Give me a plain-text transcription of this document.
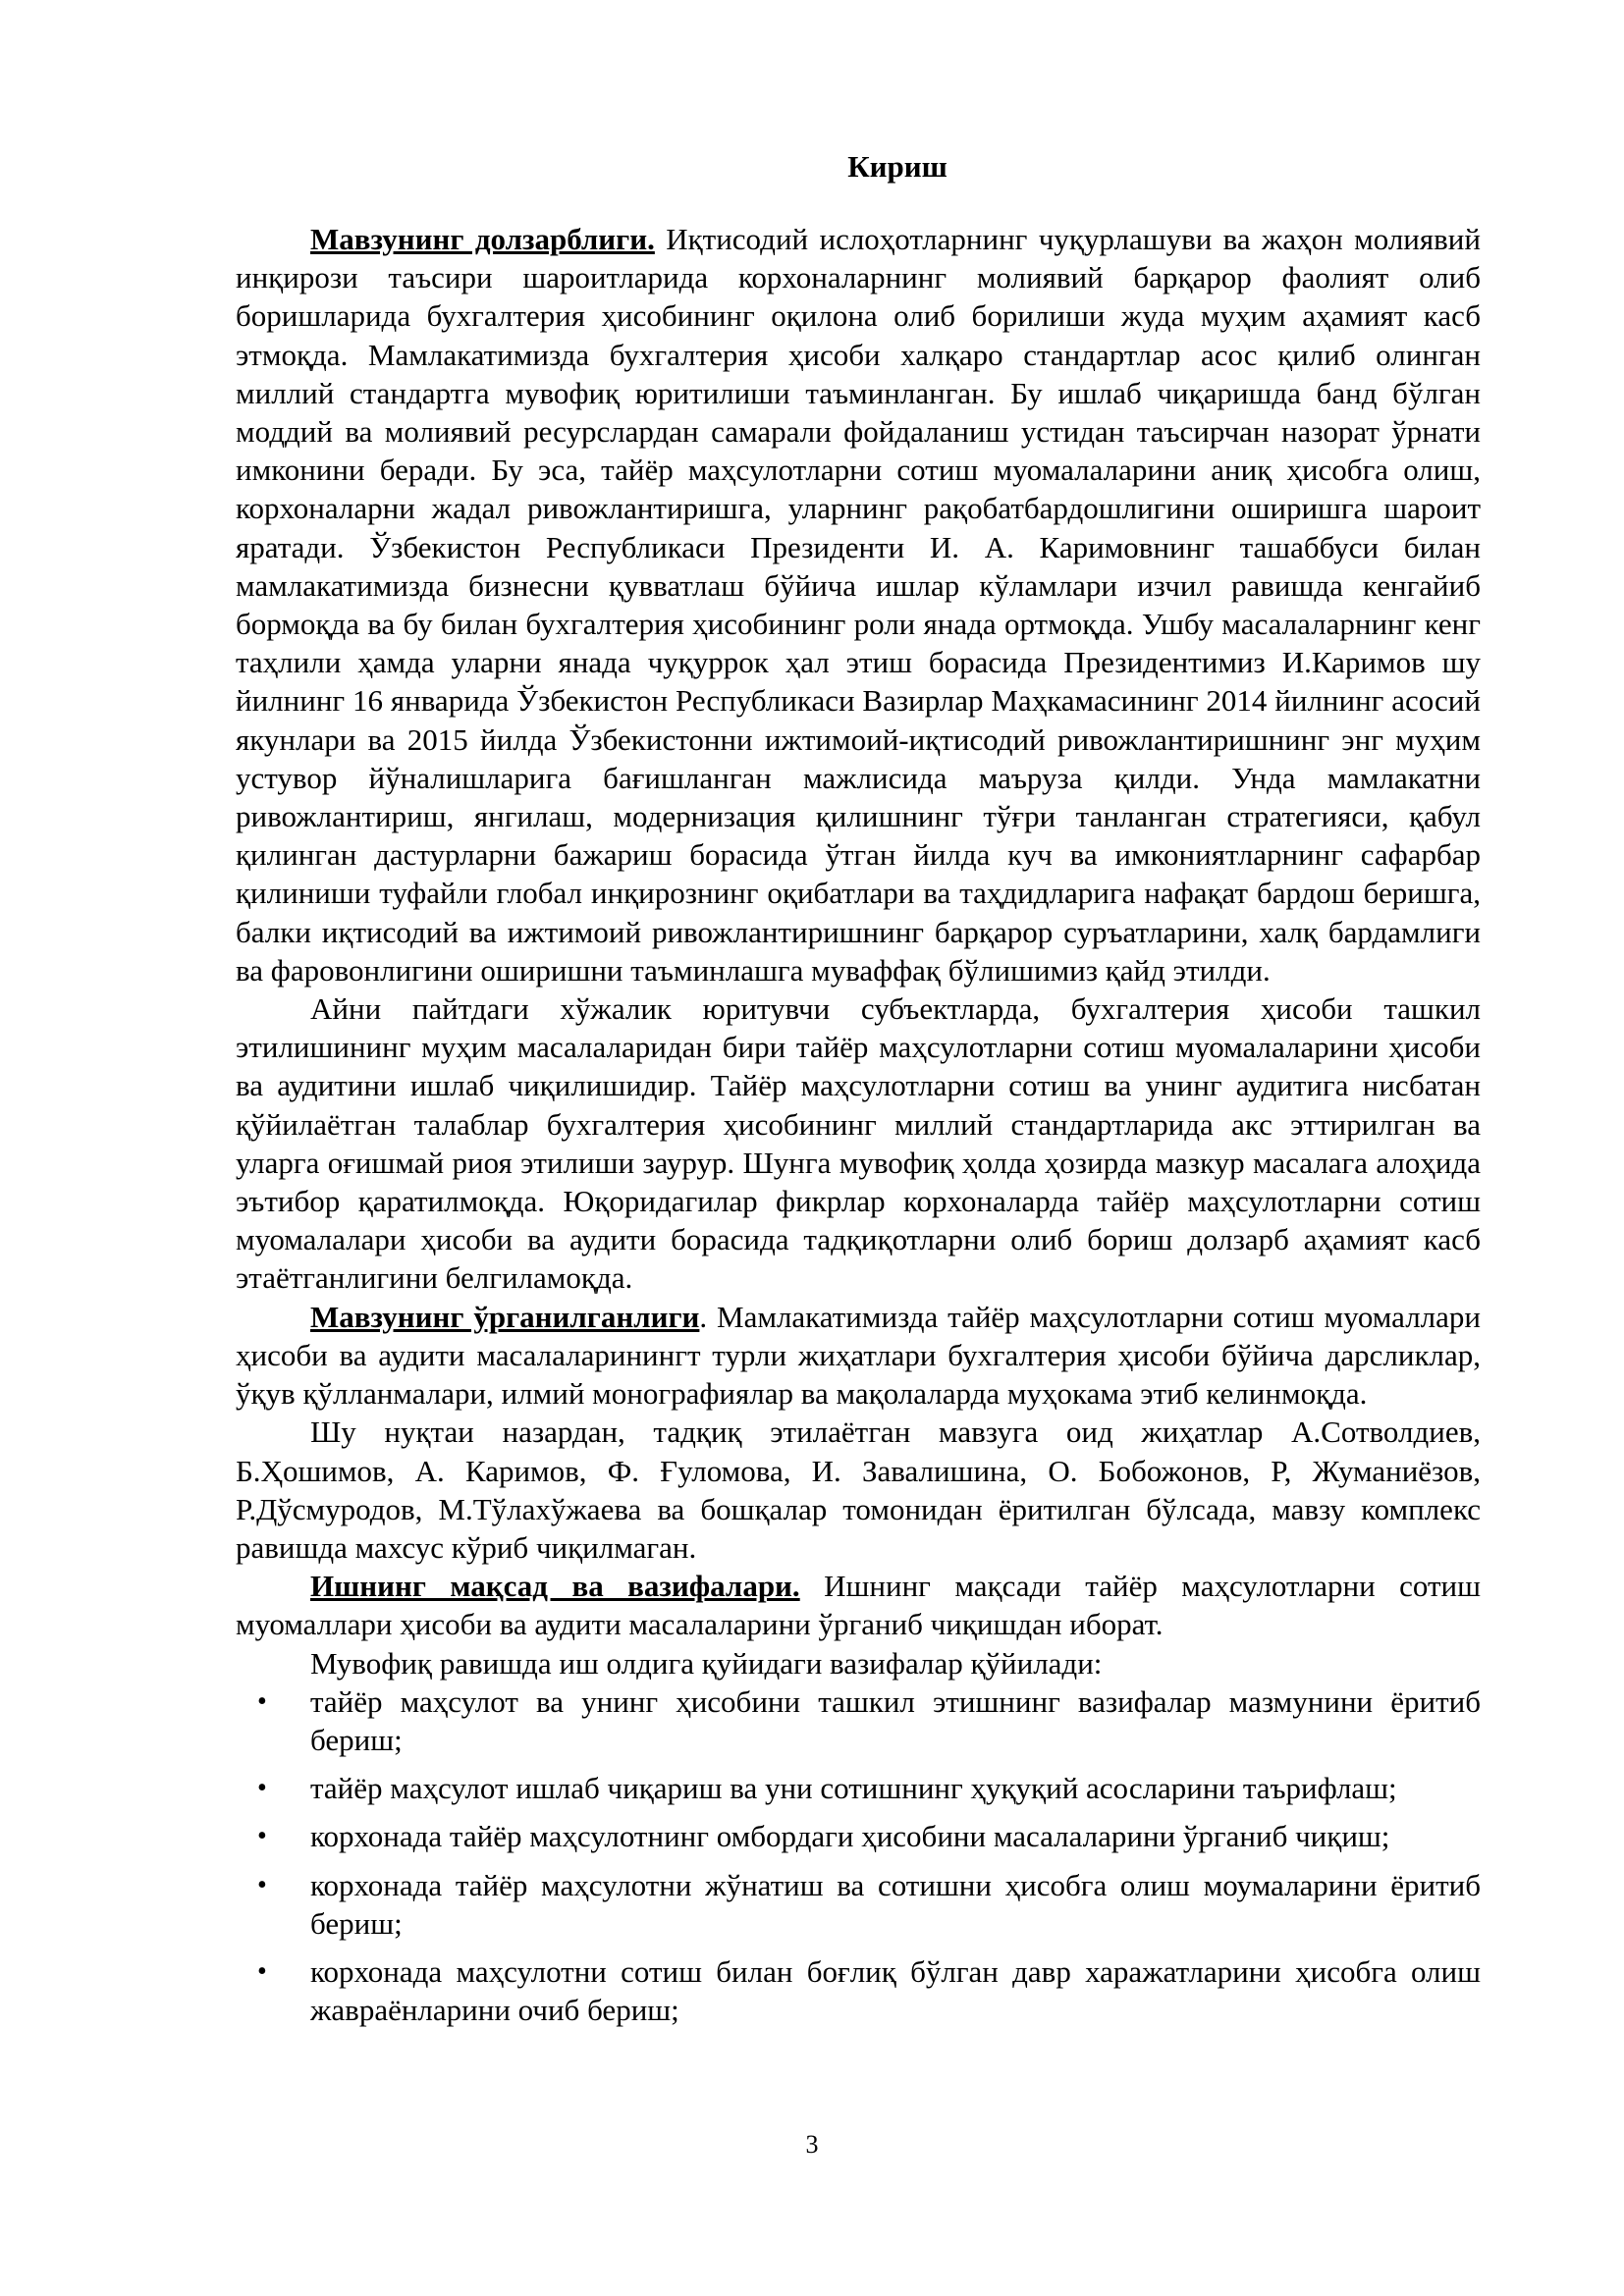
Кириш

Мавзунинг долзарблиги. Иқтисодий ислоҳотларнинг чуқурлашуви ва жаҳон молиявий инқирози таъсири шароитларида корхоналарнинг молиявий барқарор фаолият олиб боришларида бухгалтерия ҳисобининг оқилона олиб борилиши жуда муҳим аҳамият касб этмоқда. Мамлакатимизда бухгалтерия ҳисоби халқаро стандартлар асос қилиб олинган миллий стандартга мувофиқ юритилиши таъминланган. Бу ишлаб чиқаришда банд бўлган моддий ва молиявий ресурслардан самарали фойдаланиш устидан таъсирчан назорат ўрнати имконини беради. Бу эса, тайёр маҳсулотларни сотиш муомалаларини аниқ ҳисобга олиш, корхоналарни жадал ривожлантиришга, уларнинг рақобатбардошлигини оширишга шароит яратади. Ўзбекистон Республикаси Президенти И. А. Каримовнинг ташаббуси билан мамлакатимизда бизнесни қувватлаш бўйича ишлар кўламлари изчил равишда кенгайиб бормоқда ва бу билан бухгалтерия ҳисобининг роли янада ортмоқда. Ушбу масалаларнинг кенг таҳлили ҳамда уларни янада чуқуррок ҳал этиш борасида Президентимиз И.Каримов шу йилнинг 16 январида Ўзбекистон Республикаси Вазирлар Маҳкамасининг 2014 йилнинг асосий якунлари ва 2015 йилда Ўзбекистонни ижтимоий-иқтисодий ривожлантиришнинг энг муҳим устувор йўналишларига бағишланган мажлисида маъруза қилди. Унда мамлакатни ривожлантириш, янгилаш, модернизация қилишнинг тўғри танланган стратегияси, қабул қилинган дастурларни бажариш борасида ўтган йилда куч ва имкониятларнинг сафарбар қилиниши туфайли глобал инқирознинг оқибатлари ва таҳдидларига нафақат бардош беришга, балки иқтисодий ва ижтимоий ривожлантиришнинг барқарор суръатларини, халқ бардамлиги ва фаровонлигини оширишни таъминлашга муваффақ бўлишимиз қайд этилди.

Айни пайтдаги хўжалик юритувчи субъектларда, бухгалтерия ҳисоби ташкил этилишининг муҳим масалаларидан бири тайёр маҳсулотларни сотиш муомалаларини ҳисоби ва аудитини ишлаб чиқилишидир. Тайёр маҳсулотларни сотиш ва унинг аудитига нисбатан қўйилаётган талаблар бухгалтерия ҳисобининг миллий стандартларида акс эттирилган ва уларга оғишмай риоя этилиши заурур. Шунга мувофиқ ҳолда ҳозирда мазкур масалага алоҳида эътибор қаратилмоқда. Юқоридагилар фикрлар корхоналарда тайёр маҳсулотларни сотиш муомалалари ҳисоби ва аудити борасида тадқиқотларни олиб бориш долзарб аҳамият касб этаётганлигини белгиламоқда.

Мавзунинг ўрганилганлиги. Мамлакатимизда тайёр маҳсулотларни сотиш муомаллари ҳисоби ва аудити масалаларинингт турли жиҳатлари бухгалтерия ҳисоби бўйича дарсликлар, ўқув қўлланмалари, илмий монографиялар ва мақолаларда муҳокама этиб келинмоқда.

Шу нуқтаи назардан, тадқиқ этилаётган мавзуга оид жиҳатлар А.Сотволдиев, Б.Ҳошимов, А. Каримов, Ф. Ғуломова, И. Завалишина, О. Бобожонов, Р, Жуманиёзов, Р.Дўсмуродов, М.Тўлахўжаева ва бошқалар томонидан ёритилган бўлсада, мавзу комплекс равишда махсус кўриб чиқилмаган.

Ишнинг мақсад ва вазифалари. Ишнинг мақсади тайёр маҳсулотларни сотиш муомаллари ҳисоби ва аудити масалаларини ўрганиб чиқишдан иборат.

Мувофиқ равишда иш олдига қуйидаги вазифалар қўйилади:

• тайёр маҳсулот ва унинг ҳисобини ташкил этишнинг вазифалар мазмунини ёритиб бериш;
• тайёр маҳсулот ишлаб чиқариш ва уни сотишнинг ҳуқуқий асосларини таърифлаш;
• корхонада тайёр маҳсулотнинг омбордаги ҳисобини масалаларини ўрганиб чиқиш;
• корхонада тайёр маҳсулотни жўнатиш ва сотишни ҳисобга олиш моумаларини ёритиб бериш;
• корхонада маҳсулотни сотиш билан боғлиқ бўлган давр харажатларини ҳисобга олиш жавраёнларини очиб бериш;
3
